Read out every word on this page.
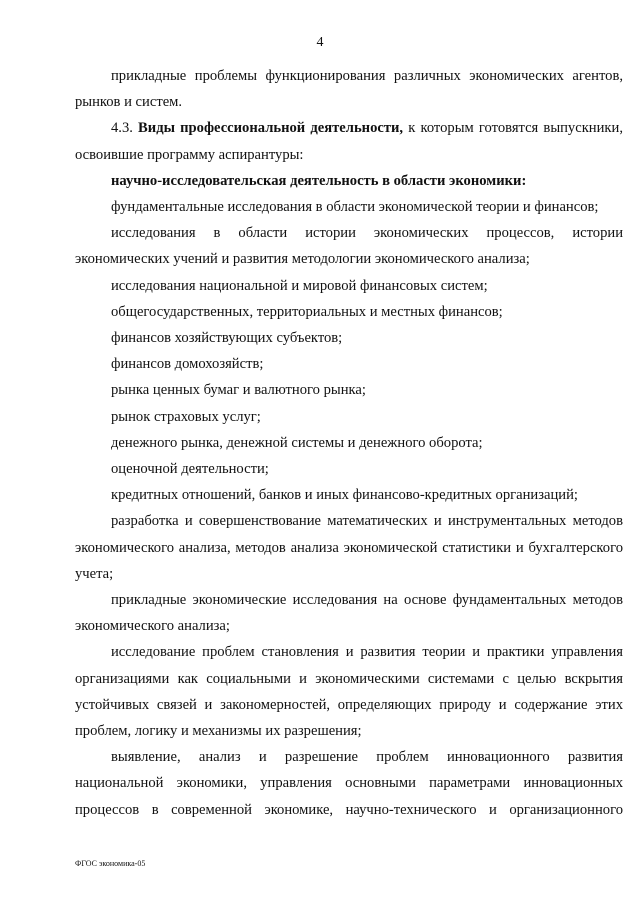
4

прикладные проблемы функционирования различных экономических агентов, рынков и систем.

4.3. Виды профессиональной деятельности, к которым готовятся выпускники, освоившие программу аспирантуры:

научно-исследовательская деятельность в области экономики:

фундаментальные исследования в области экономической теории и финансов;

исследования в области истории экономических процессов, истории экономических учений и развития методологии экономического анализа;

исследования национальной и мировой финансовых систем;

общегосударственных, территориальных и местных финансов;

финансов хозяйствующих субъектов;

финансов домохозяйств;

рынка ценных бумаг и валютного рынка;

рынок страховых услуг;

денежного рынка, денежной системы и денежного оборота;

оценочной деятельности;

кредитных отношений, банков и иных финансово-кредитных организаций;

разработка и совершенствование математических и инструментальных методов экономического анализа, методов анализа экономической статистики и бухгалтерского учета;

прикладные экономические исследования на основе фундаментальных методов экономического анализа;

исследование проблем становления и развития теории и практики управления организациями как социальными и экономическими системами с целью вскрытия устойчивых связей и закономерностей, определяющих природу и содержание этих проблем, логику и механизмы их разрешения;

выявление, анализ и разрешение проблем инновационного развития национальной экономики, управления основными параметрами инновационных процессов в современной экономике, научно-технического и организационного

ФГОС экономика-05
